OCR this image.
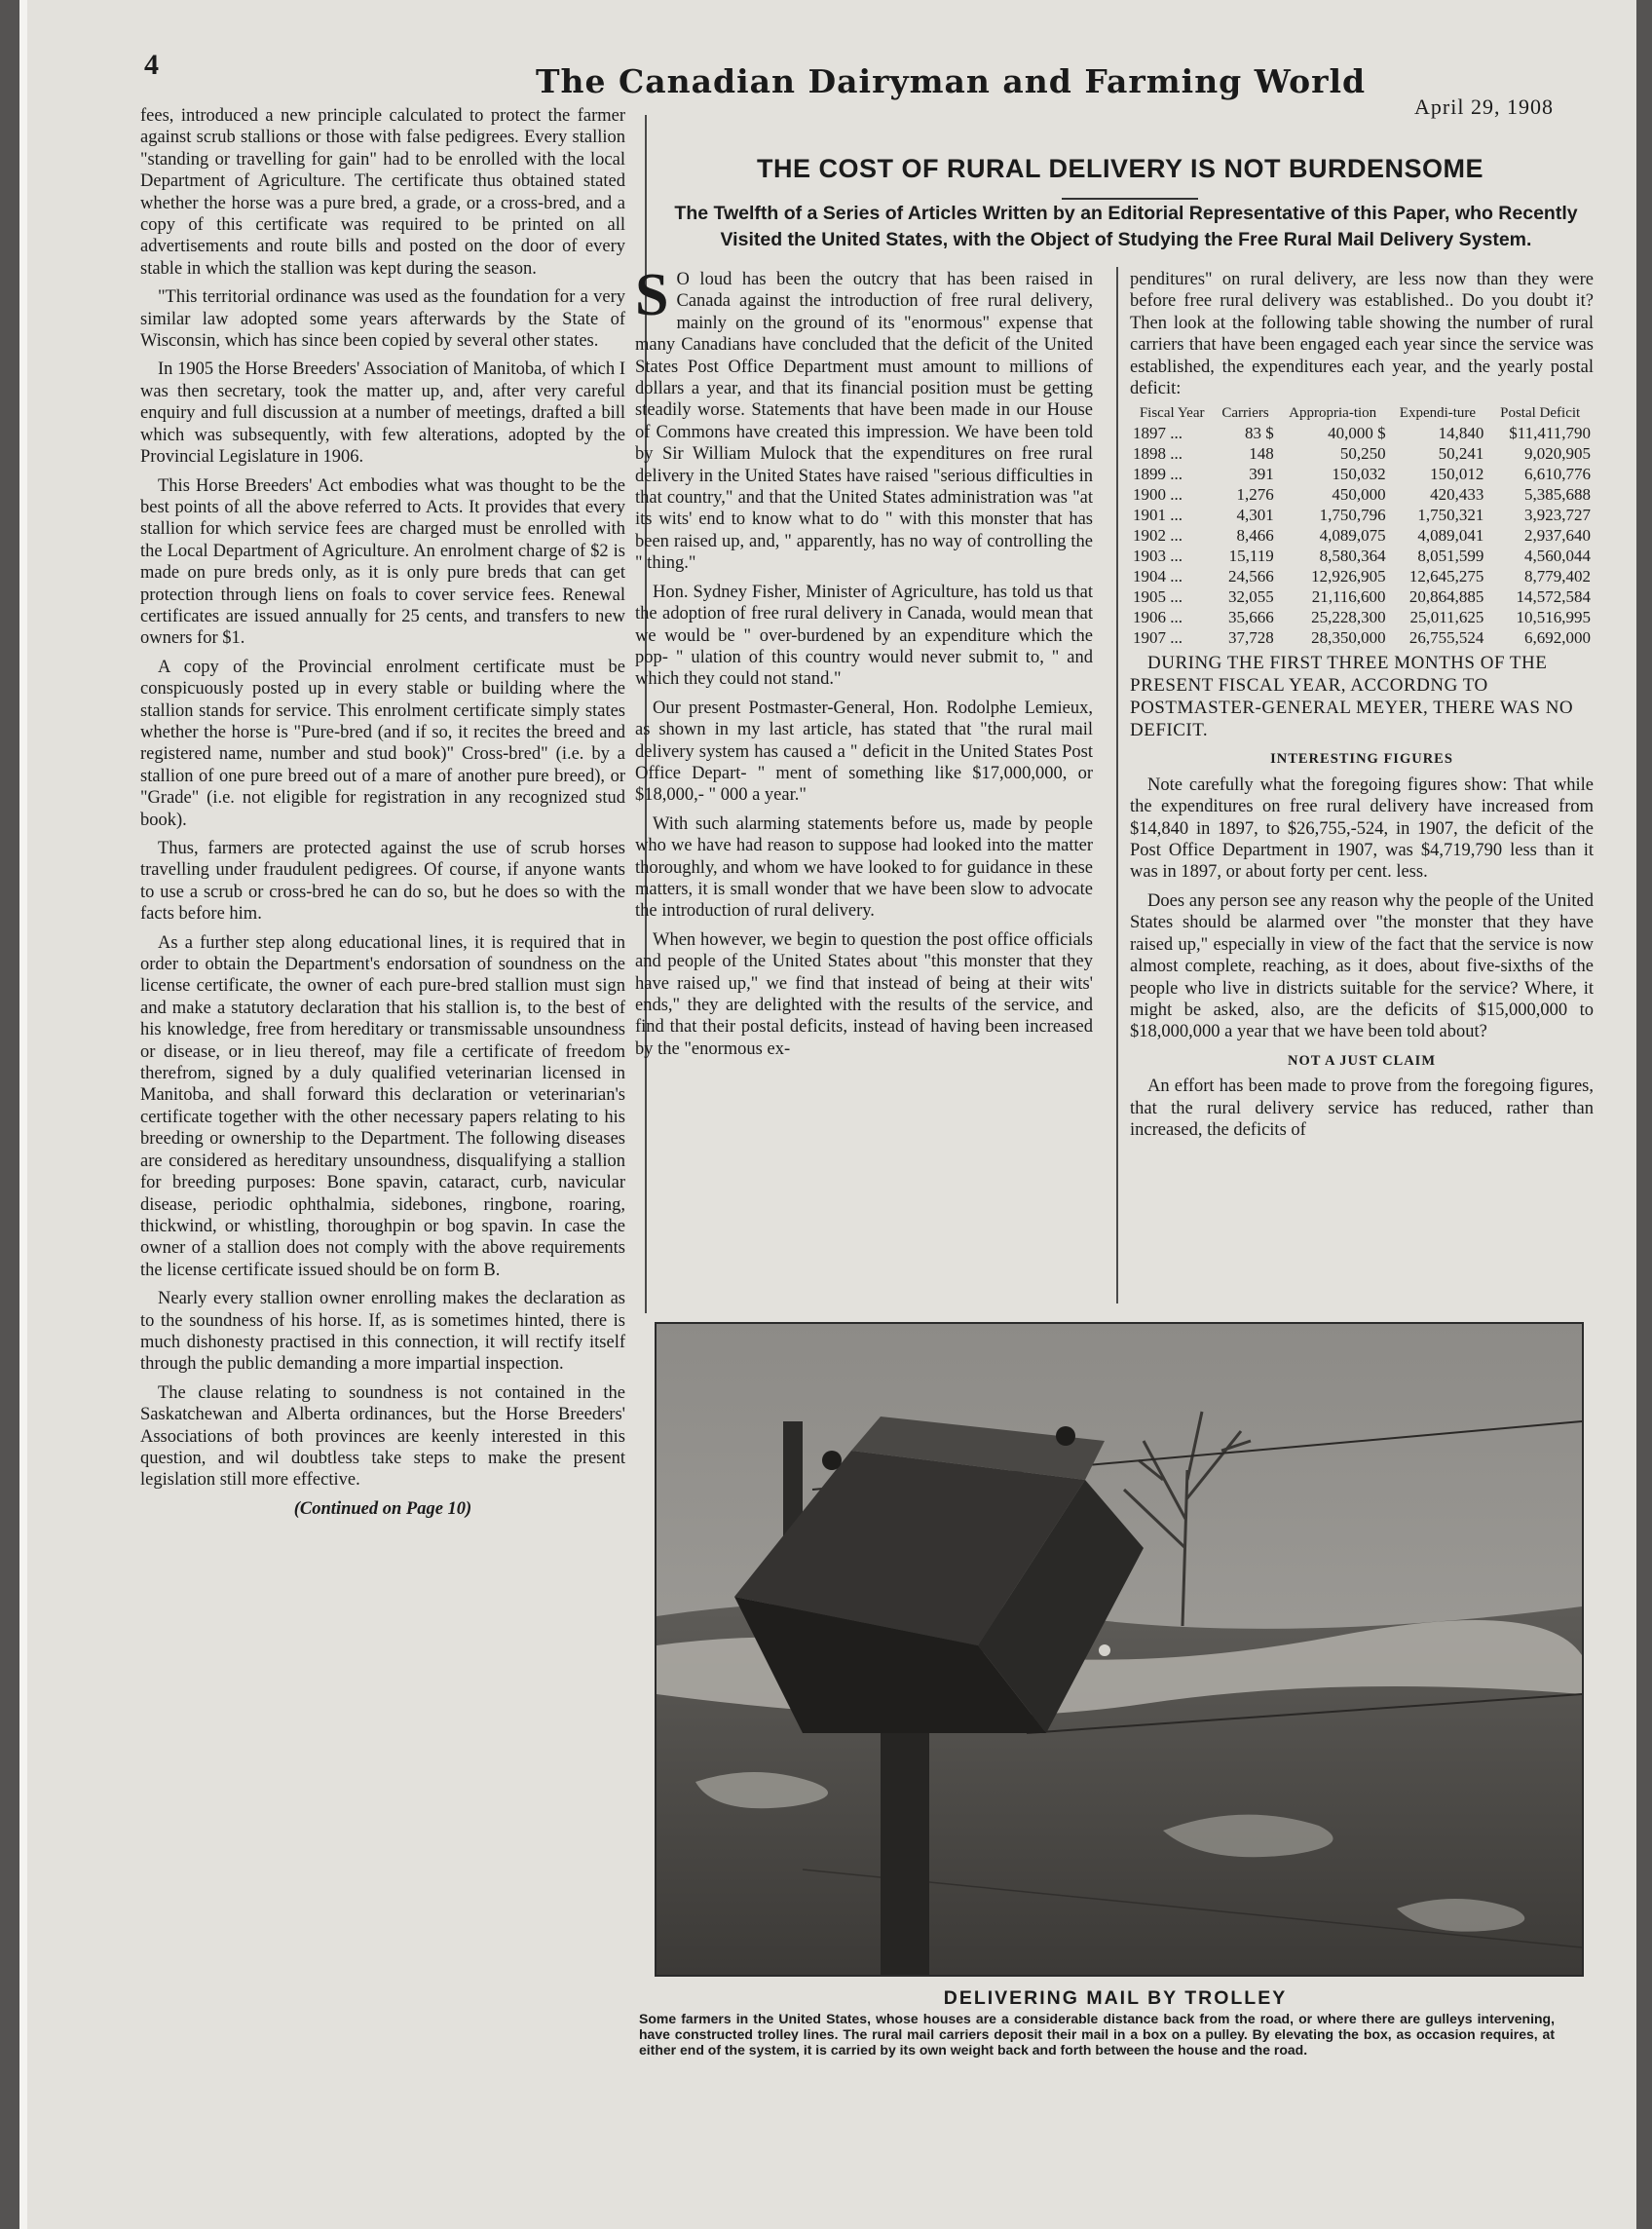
4	The Canadian Dairyman and Farming World
April 29, 1908

fees, introduced a new principle calculated to protect the farmer against scrub stallions or those with false pedigrees. Every stallion "standing or travelling for gain" had to be enrolled with the local Department of Agriculture. The certificate thus obtained stated whether the horse was a pure bred, a grade, or a cross-bred, and a copy of this certificate was required to be printed on all advertisements and route bills and posted on the door of every stable in which the stallion was kept during the season.

"This territorial ordinance was used as the foundation for a very similar law adopted some years afterwards by the State of Wisconsin, which has since been copied by several other states.

In 1905 the Horse Breeders' Association of Manitoba, of which I was then secretary, took the matter up, and, after very careful enquiry and full discussion at a number of meetings, drafted a bill which was subsequently, with few alterations, adopted by the Provincial Legislature in 1906.

This Horse Breeders' Act embodies what was thought to be the best points of all the above referred to Acts. It provides that every stallion for which service fees are charged must be enrolled with the Local Department of Agriculture. An enrolment charge of $2 is made on pure breds only, as it is only pure breds that can get protection through liens on foals to cover service fees. Renewal certificates are issued annually for 25 cents, and transfers to new owners for $1.

A copy of the Provincial enrolment certificate must be conspicuously posted up in every stable or building where the stallion stands for service. This enrolment certificate simply states whether the horse is "Pure-bred (and if so, it recites the breed and registered name, number and stud book)" Cross-bred" (i.e. by a stallion of one pure breed out of a mare of another pure breed), or "Grade" (i.e. not eligible for registration in any recognized stud book).

Thus, farmers are protected against the use of scrub horses travelling under fraudulent pedigrees. Of course, if anyone wants to use a scrub or cross-bred he can do so, but he does so with the facts before him.

As a further step along educational lines, it is required that in order to obtain the Department's endorsation of soundness on the license certificate, the owner of each pure-bred stallion must sign and make a statutory declaration that his stallion is, to the best of his knowledge, free from hereditary or transmissable unsoundness or disease, or in lieu thereof, may file a certificate of freedom therefrom, signed by a duly qualified veterinarian licensed in Manitoba, and shall forward this declaration or veterinarian's certificate together with the other necessary papers relating to his breeding or ownership to the Department. The following diseases are considered as hereditary unsoundness, disqualifying a stallion for breeding purposes: Bone spavin, cataract, curb, navicular disease, periodic ophthalmia, sidebones, ringbone, roaring, thickwind, or whistling, thoroughpin or bog spavin. In case the owner of a stallion does not comply with the above requirements the license certificate issued should be on form B.

Nearly every stallion owner enrolling makes the declaration as to the soundness of his horse. If, as is sometimes hinted, there is much dishonesty practised in this connection, it will rectify itself through the public demanding a more impartial inspection.

The clause relating to soundness is not contained in the Saskatchewan and Alberta ordinances, but the Horse Breeders' Associations of both provinces are keenly interested in this question, and wil doubtless take steps to make the present legislation still more effective.

(Continued on Page 10)
THE COST OF RURAL DELIVERY IS NOT BURDENSOME
The Twelfth of a Series of Articles Written by an Editorial Representative of this Paper, who Recently Visited the United States, with the Object of Studying the Free Rural Mail Delivery System.

S O loud has been the outcry that has been raised in Canada against the introduction of free rural delivery, mainly on the ground of its "enormous" expense that many Canadians have concluded that the deficit of the United States Post Office Department must amount to millions of dollars a year, and that its financial position must be getting steadily worse. Statements that have been made in our House of Commons have created this impression. We have been told by Sir William Mulock that the expenditures on free rural delivery in the United States have raised "serious difficulties in that country," and that the United States administration was "at its wits' end to know what to do " with this monster that has been raised up, and, " apparently, has no way of controlling the " thing."

Hon. Sydney Fisher, Minister of Agriculture, has told us that the adoption of free rural delivery in Canada, would mean that we would be " over-burdened by an expenditure which the pop- " ulation of this country would never submit to, " and which they could not stand."

Our present Postmaster-General, Hon. Rodolphe Lemieux, as shown in my last article, has stated that "the rural mail delivery system has caused a " deficit in the United States Post Office Depart- " ment of something like $17,000,000, or $18,000,- " 000 a year."

With such alarming statements before us, made by people who we have had reason to suppose had looked into the matter thoroughly, and whom we have looked to for guidance in these matters, it is small wonder that we have been slow to advocate the introduction of rural delivery.

When however, we begin to question the post office officials and people of the United States about "this monster that they have raised up," we find that instead of being at their wits' ends," they are delighted with the results of the service, and find that their postal deficits, instead of having been increased by the "enormous ex-

penditures" on rural delivery, are less now than they were before free rural delivery was established.. Do you doubt it? Then look at the following table showing the number of rural carriers that have been engaged each year since the service was established, the expenditures each year, and the yearly postal deficit:

Fiscal Year	Carriers	Appropria-tion	Expendi-ture	Postal Deficit
1897 ...	83 $	40,000 $	14,840	$11,411,790
1898 ...	148	50,250	50,241	9,020,905
1899 ...	391	150,032	150,012	6,610,776
1900 ...	1,276	450,000	420,433	5,385,688
1901 ...	4,301	1,750,796	1,750,321	3,923,727
1902 ...	8,466	4,089,075	4,089,041	2,937,640
1903 ...	15,119	8,580,364	8,051,599	4,560,044
1904 ...	24,566	12,926,905	12,645,275	8,779,402
1905 ...	32,055	21,116,600	20,864,885	14,572,584
1906 ...	35,666	25,228,300	25,011,625	10,516,995
1907 ...	37,728	28,350,000	26,755,524	6,692,000

DURING THE FIRST THREE MONTHS OF THE PRESENT FISCAL YEAR, ACCORDNG TO POSTMASTER-GENERAL MEYER, THERE WAS NO DEFICIT.

INTERESTING FIGURES

Note carefully what the foregoing figures show: That while the expenditures on free rural delivery have increased from $14,840 in 1897, to $26,755,-524, in 1907, the deficit of the Post Office Department in 1907, was $4,719,790 less than it was in 1897, or about forty per cent. less.

Does any person see any reason why the people of the United States should be alarmed over "the monster that they have raised up," especially in view of the fact that the service is now almost complete, reaching, as it does, about five-sixths of the people who live in districts suitable for the service? Where, it might be asked, also, are the deficits of $15,000,000 to $18,000,000 a year that we have been told about?

NOT A JUST CLAIM

An effort has been made to prove from the foregoing figures, that the rural delivery service has reduced, rather than increased, the deficits of

DELIVERING MAIL BY TROLLEY
Some farmers in the United States, whose houses are a considerable distance back from the road, or where there are gulleys intervening, have constructed trolley lines. The rural mail carriers deposit their mail in a box on a pulley. By elevating the box, as occasion requires, at either end of the system, it is carried by its own weight back and forth between the house and the road.
